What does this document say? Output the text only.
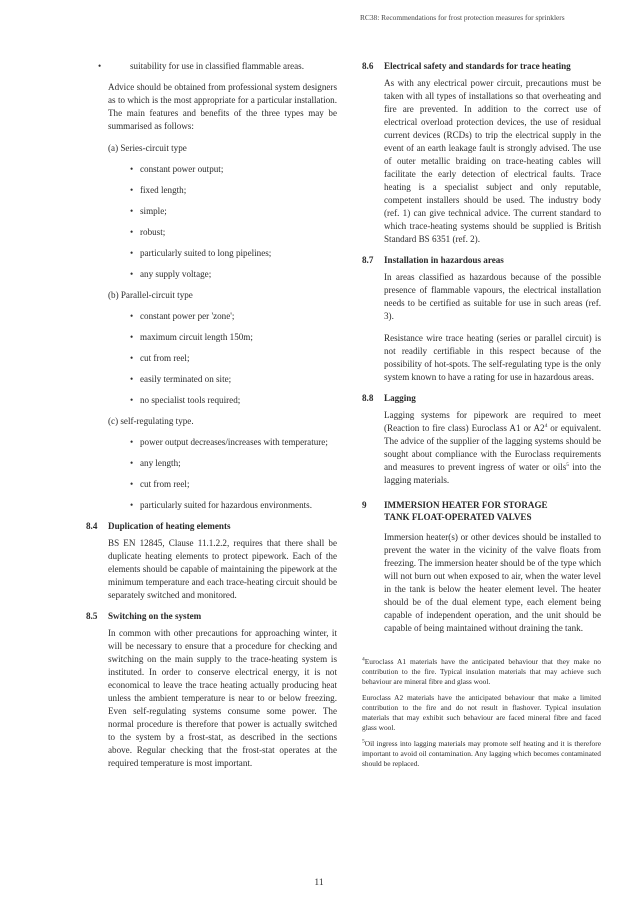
RC38: Recommendations for frost protection measures for sprinklers
•	suitability for use in classified flammable areas.

Advice should be obtained from professional system designers as to which is the most appropriate for a particular installation. The main features and benefits of the three types may be summarised as follows:

(a) Series-circuit type

• constant power output;
• fixed length;
• simple;
• robust;
• particularly suited to long pipelines;
• any supply voltage;

(b) Parallel-circuit type

• constant power per 'zone';
• maximum circuit length 150m;
• cut from reel;
• easily terminated on site;
• no specialist tools required;

(c) self-regulating type.

• power output decreases/increases with temperature;
• any length;
• cut from reel;
• particularly suited for hazardous environments.
8.4	Duplication of heating elements

BS EN 12845, Clause 11.1.2.2, requires that there shall be duplicate heating elements to protect pipework. Each of the elements should be capable of maintaining the pipework at the minimum temperature and each trace-heating circuit should be separately switched and monitored.

8.5	Switching on the system

In common with other precautions for approaching winter, it will be necessary to ensure that a procedure for checking and switching on the main supply to the trace-heating system is instituted. In order to conserve electrical energy, it is not economical to leave the trace heating actually producing heat unless the ambient temperature is near to or below freezing. Even self-regulating systems consume some power. The normal procedure is therefore that power is actually switched to the system by a frost-stat, as described in the sections above. Regular checking that the frost-stat operates at the required temperature is most important.

8.6	Electrical safety and standards for trace heating

As with any electrical power circuit, precautions must be taken with all types of installations so that overheating and fire are prevented. In addition to the correct use of electrical overload protection devices, the use of residual current devices (RCDs) to trip the electrical supply in the event of an earth leakage fault is strongly advised. The use of outer metallic braiding on trace-heating cables will facilitate the early detection of electrical faults. Trace heating is a specialist subject and only reputable, competent installers should be used. The industry body (ref. 1) can give technical advice. The current standard to which trace-heating systems should be supplied is British Standard BS 6351 (ref. 2).

8.7	Installation in hazardous areas

In areas classified as hazardous because of the possible presence of flammable vapours, the electrical installation needs to be certified as suitable for use in such areas (ref. 3).

Resistance wire trace heating (series or parallel circuit) is not readily certifiable in this respect because of the possibility of hot-spots. The self-regulating type is the only system known to have a rating for use in hazardous areas.

8.8	Lagging

Lagging systems for pipework are required to meet (Reaction to fire class) Euroclass A1 or $A2^4$ or equivalent. The advice of the supplier of the lagging systems should be sought about compliance with the Euroclass requirements and measures to prevent ingress of water or oils$^5$ into the lagging materials.

9 IMMERSION HEATER FOR STORAGE
TANK FLOAT-OPERATED VALVES

Immersion heater(s) or other devices should be installed to prevent the water in the vicinity of the valve floats from freezing. The immersion heater should be of the type which will not burn out when exposed to air, when the water level in the tank is below the heater element level. The heater should be of the dual element type, each element being capable of independent operation, and the unit should be capable of being maintained without draining the tank.

$^4$Euroclass A1 materials have the anticipated behaviour that they make no contribution to the fire. Typical insulation materials that may achieve such behaviour are mineral fibre and glass wool.

Euroclass A2 materials have the anticipated behaviour that make a limited contribution to the fire and do not result in flashover. Typical insulation materials that may exhibit such behaviour are faced mineral fibre and faced glass wool.

$^5$Oil ingress into lagging materials may promote self heating and it is therefore important to avoid oil contamination. Any lagging which becomes contaminated should be replaced.

11
